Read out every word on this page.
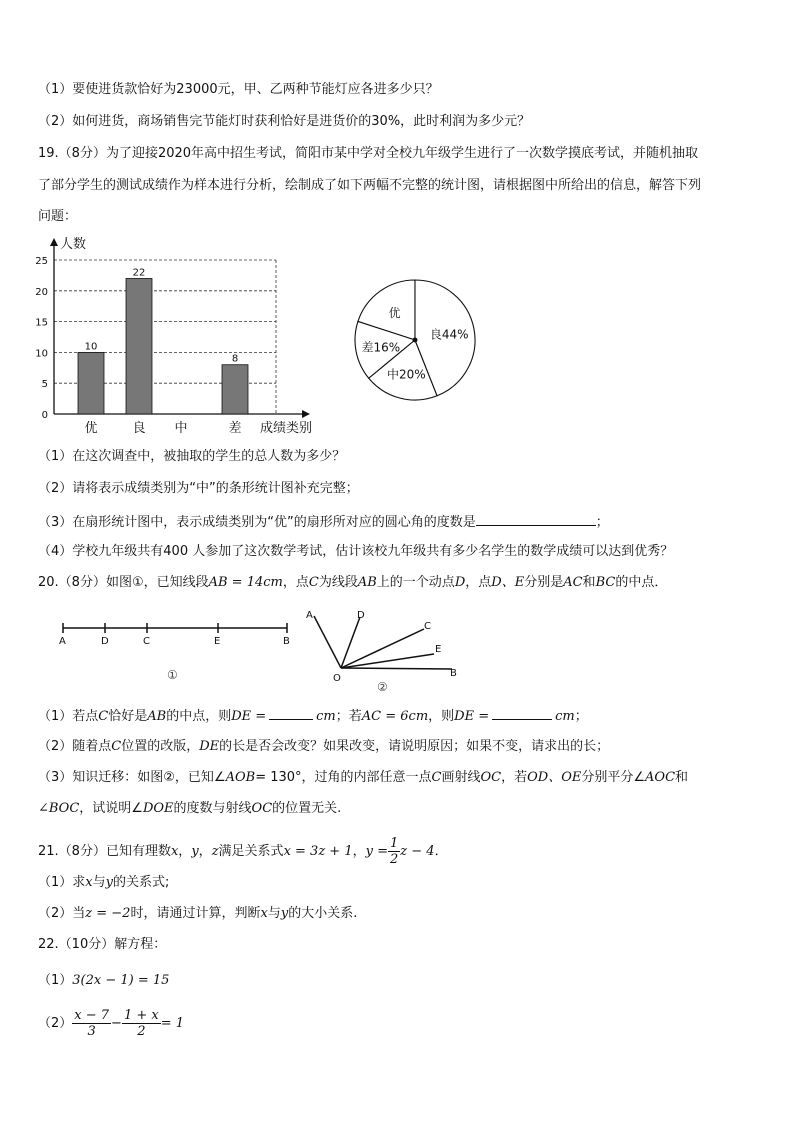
（1）要使进货款恰好为23000元，甲、乙两种节能灯应各进多少只？
（2）如何进货，商场销售完节能灯时获利恰好是进货价的30%，此时利润为多少元？
19.（8分）为了迎接2020年高中招生考试，简阳市某中学对全校九年级学生进行了一次数学摸底考试，并随机抽取
了部分学生的测试成绩作为样本进行分析，绘制成了如下两幅不完整的统计图，请根据图中所给出的信息，解答下列
问题：
0
5
10
15
20
25
人数
优
10
良
22
中	差
8
成绩类别
优
差16%
中20%
良44%
（1）在这次调查中，被抽取的学生的总人数为多少？
（2）请将表示成绩类别为“中”的条形统计图补充完整；
（3）在扇形统计图中，表示成绩类别为“优”的扇形所对应的圆心角的度数是	；
（4）学校九年级共有400 人参加了这次数学考试，估计该校九年级共有多少名学生的数学成绩可以达到优秀？
20.（8分）如图①，已知线段AB = 14cm，点C为线段AB上的一个动点D，点D、E分别是AC和BC的中点．
A	D	C	E	B
①
A	D
C
E
B
O
②
（1）若点C恰好是AB的中点，则DE =	cm；若AC = 6cm，则DE =	cm；
（2）随着点C位置的改版，DE的长是否会改变？如果改变，请说明原因；如果不变，请求出的长；
（3）知识迁移：如图②，已知∠AOB= 130°，过角的内部任意一点C画射线OC，若OD、OE分别平分∠AOC和
∠BOC，试说明∠DOE的度数与射线OC的位置无关.
21.（8分）已知有理数x，y，z满足关系式x = 3z + 1，$y = \frac{1}{2}$ z − 4．
（1）求x与y的关系式;
（2）当z = −2时，请通过计算，判断x与y的大小关系.
22.（10分）解方程：
（1）3(2x − 1) = 15
$(2) \frac{x - 7}{3} - \frac{1 + x}{2} = 1$
